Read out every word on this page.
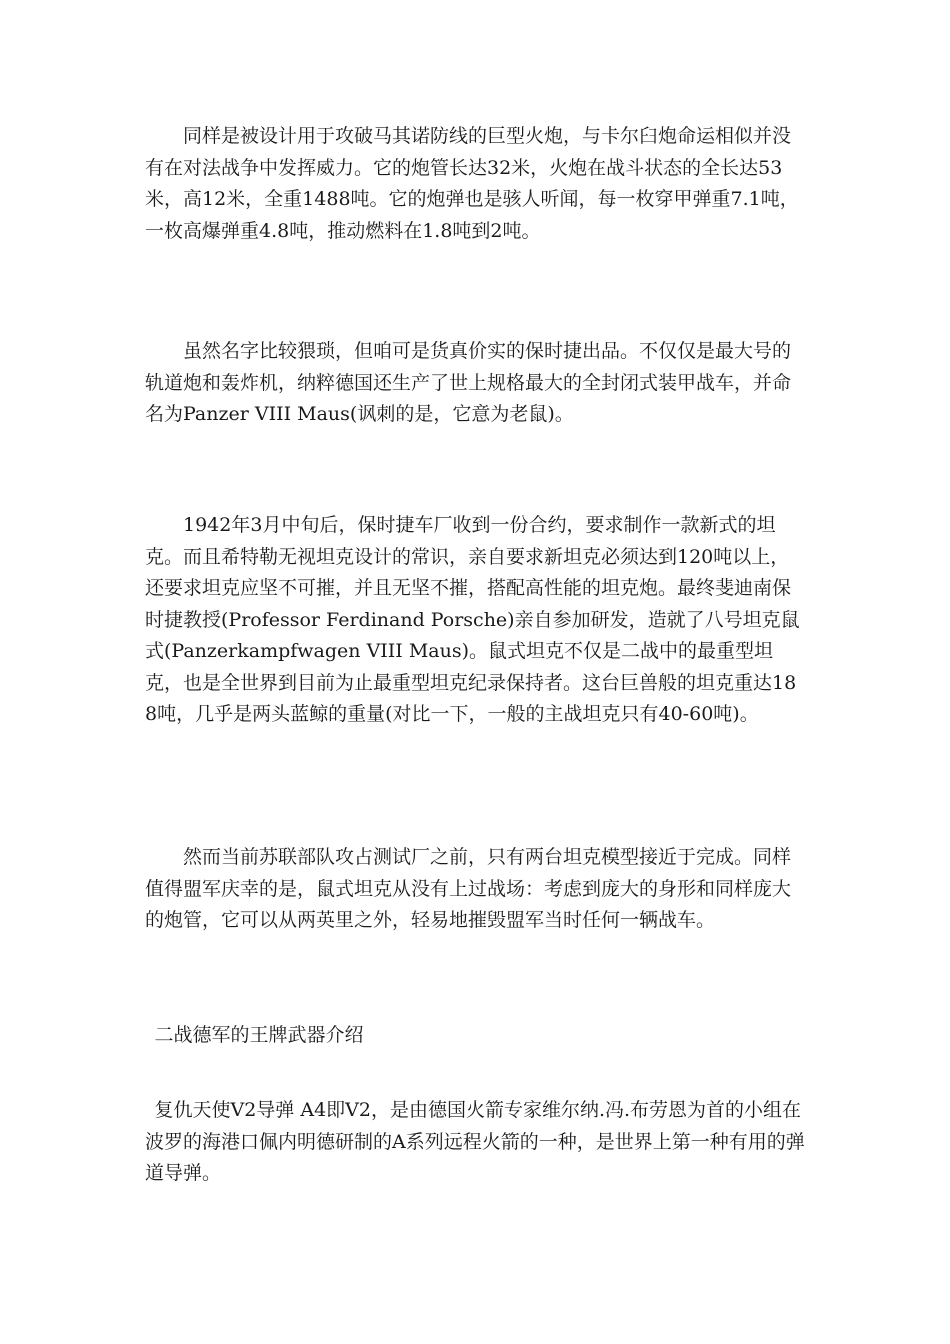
同样是被设计用于攻破马其诺防线的巨型火炮，与卡尔臼炮命运相似并没有在对法战争中发挥威力。它的炮管长达32米，火炮在战斗状态的全长达53米，高12米，全重1488吨。它的炮弹也是骇人听闻，每一枚穿甲弹重7.1吨，一枚高爆弹重4.8吨，推动燃料在1.8吨到2吨。

虽然名字比较猥琐，但咱可是货真价实的保时捷出品。不仅仅是最大号的轨道炮和轰炸机，纳粹德国还生产了世上规格最大的全封闭式装甲战车，并命名为Panzer VIII Maus(讽刺的是，它意为老鼠)。

1942年3月中旬后，保时捷车厂收到一份合约，要求制作一款新式的坦克。而且希特勒无视坦克设计的常识，亲自要求新坦克必须达到120吨以上，还要求坦克应坚不可摧，并且无坚不摧，搭配高性能的坦克炮。最终斐迪南保时捷教授(Professor Ferdinand Porsche)亲自参加研发，造就了八号坦克鼠式(Panzerkampfwagen VIII Maus)。鼠式坦克不仅是二战中的最重型坦克，也是全世界到目前为止最重型坦克纪录保持者。这台巨兽般的坦克重达188吨，几乎是两头蓝鲸的重量(对比一下，一般的主战坦克只有40-60吨)。

然而当前苏联部队攻占测试厂之前，只有两台坦克模型接近于完成。同样值得盟军庆幸的是，鼠式坦克从没有上过战场：考虑到庞大的身形和同样庞大的炮管，它可以从两英里之外，轻易地摧毁盟军当时任何一辆战车。

二战德军的王牌武器介绍

复仇天使V2导弹 A4即V2，是由德国火箭专家维尔纳.冯.布劳恩为首的小组在波罗的海港口佩内明德研制的A系列远程火箭的一种，是世界上第一种有用的弹道导弹。
